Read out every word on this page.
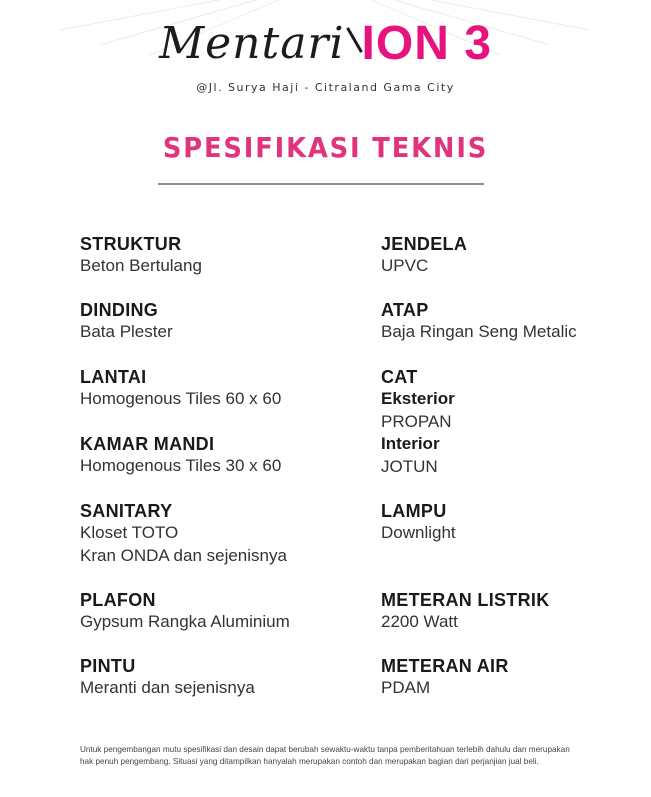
Mentari ION 3
@Jl. Surya Haji - Citraland Gama City
SPESIFIKASI TEKNIS
STRUKTUR
Beton Bertulang
DINDING
Bata Plester
LANTAI
Homogenous Tiles 60 x 60
KAMAR MANDI
Homogenous Tiles 30 x 60
SANITARY
Kloset TOTO
Kran ONDA dan sejenisnya
PLAFON
Gypsum Rangka Aluminium
PINTU
Meranti dan sejenisnya
JENDELA
UPVC
ATAP
Baja Ringan Seng Metalic
CAT
Eksterior
PROPAN
Interior
JOTUN
LAMPU
Downlight
METERAN LISTRIK
2200 Watt
METERAN AIR
PDAM
Untuk pengembangan mutu spesifikasi dan desain dapat berubah sewaktu-waktu tanpa pemberitahuan terlebih dahulu dan merupakan hak penuh pengembang. Situasi yang ditampilkan hanyalah merupakan contoh dan merupakan bagian dari perjanjian jual beli.
